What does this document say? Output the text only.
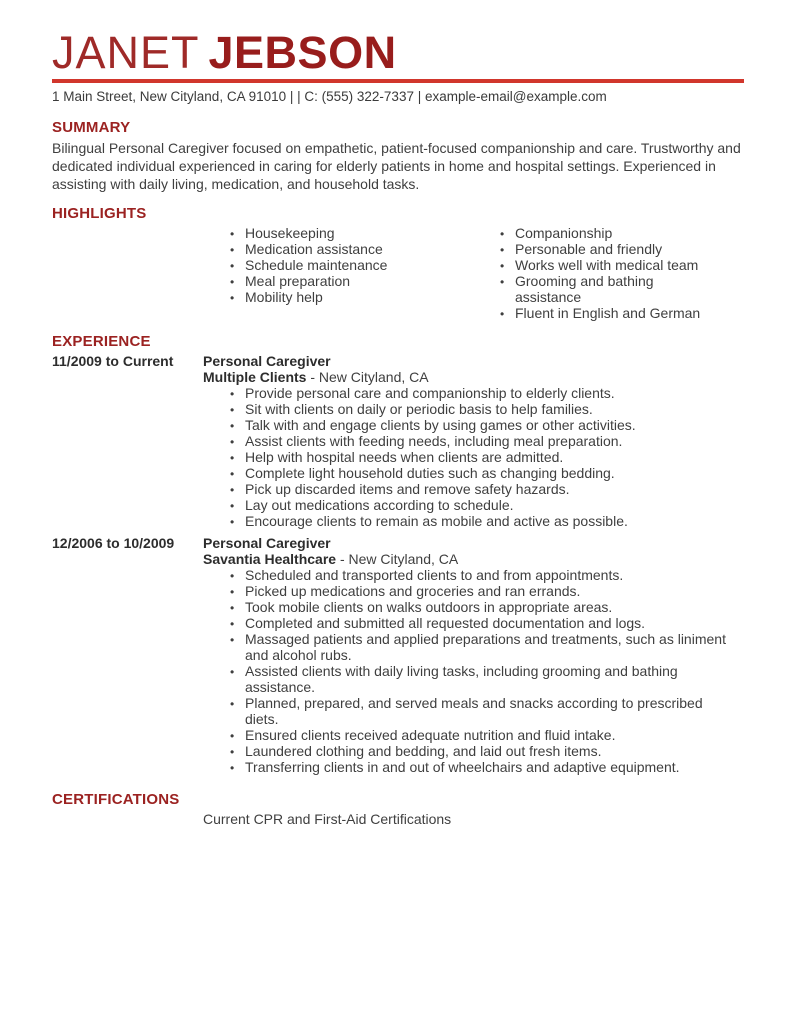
JANET JEBSON
1 Main Street, New Cityland, CA 91010 | | C: (555) 322-7337 | example-email@example.com
SUMMARY

Bilingual Personal Caregiver focused on empathetic, patient-focused companionship and care. Trustworthy and dedicated individual experienced in caring for elderly patients in home and hospital settings. Experienced in assisting with daily living, medication, and household tasks.

HIGHLIGHTS
• Housekeeping
• Medication assistance
• Schedule maintenance
• Meal preparation
• Mobility help
• Companionship
• Personable and friendly
• Works well with medical team
• Grooming and bathing assistance
• Fluent in English and German
EXPERIENCE
11/2009 to Current	Personal Caregiver
Multiple Clients - New Cityland, CA
• Provide personal care and companionship to elderly clients.
• Sit with clients on daily or periodic basis to help families.
• Talk with and engage clients by using games or other activities.
• Assist clients with feeding needs, including meal preparation.
• Help with hospital needs when clients are admitted.
• Complete light household duties such as changing bedding.
• Pick up discarded items and remove safety hazards.
• Lay out medications according to schedule.
• Encourage clients to remain as mobile and active as possible.
12/2006 to 10/2009	Personal Caregiver
Savantia Healthcare - New Cityland, CA
• Scheduled and transported clients to and from appointments.
• Picked up medications and groceries and ran errands.
• Took mobile clients on walks outdoors in appropriate areas.
• Completed and submitted all requested documentation and logs.
• Massaged patients and applied preparations and treatments, such as liniment and alcohol rubs.
• Assisted clients with daily living tasks, including grooming and bathing assistance.
• Planned, prepared, and served meals and snacks according to prescribed diets.
• Ensured clients received adequate nutrition and fluid intake.
• Laundered clothing and bedding, and laid out fresh items.
• Transferring clients in and out of wheelchairs and adaptive equipment.
CERTIFICATIONS
Current CPR and First-Aid Certifications
